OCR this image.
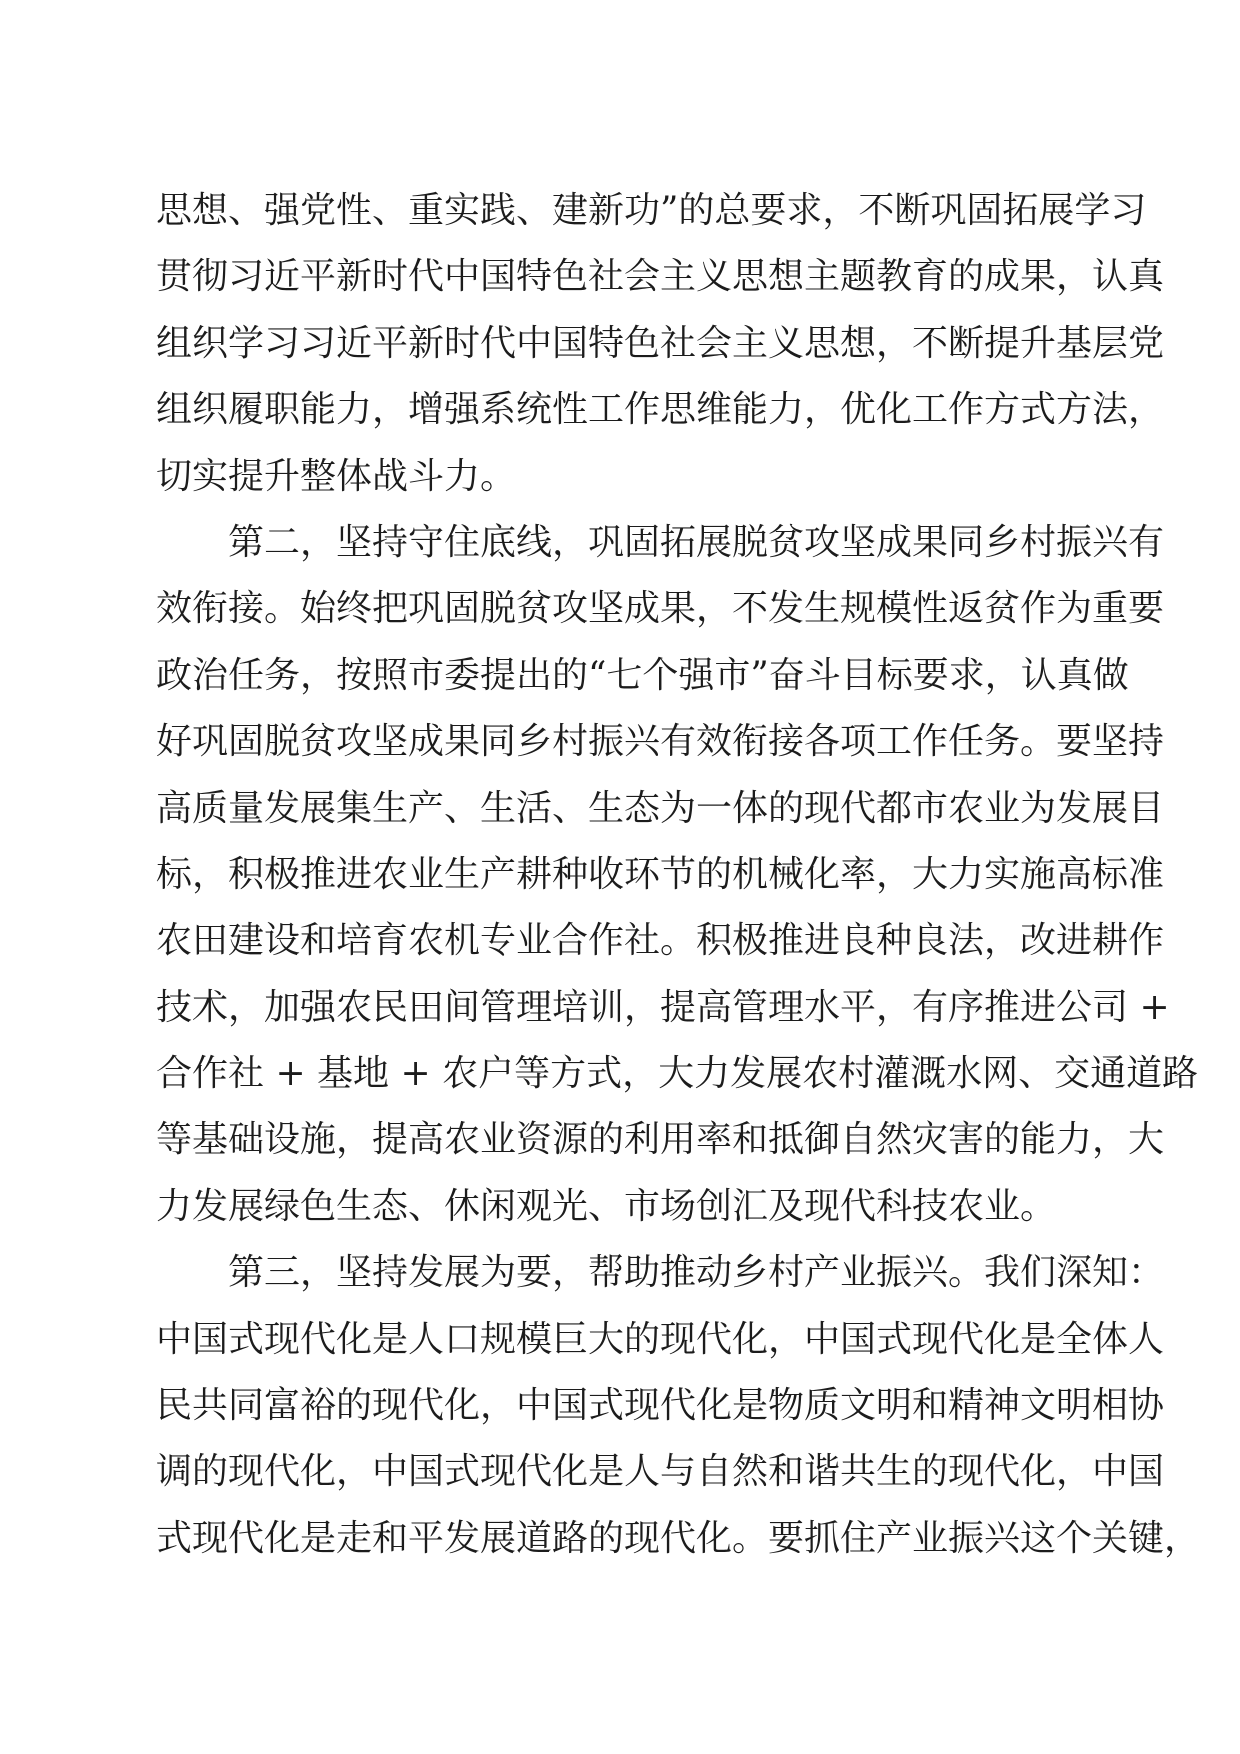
思想、强党性、重实践、建新功”的总要求，不断巩固拓展学习
贯彻习近平新时代中国特色社会主义思想主题教育的成果，认真
组织学习习近平新时代中国特色社会主义思想，不断提升基层党
组织履职能力，增强系统性工作思维能力，优化工作方式方法，
切实提升整体战斗力。
第二，坚持守住底线，巩固拓展脱贫攻坚成果同乡村振兴有
效衔接。始终把巩固脱贫攻坚成果，不发生规模性返贫作为重要
政治任务，按照市委提出的“七个强市”奋斗目标要求，认真做
好巩固脱贫攻坚成果同乡村振兴有效衔接各项工作任务。要坚持
高质量发展集生产、生活、生态为一体的现代都市农业为发展目
标，积极推进农业生产耕种收环节的机械化率，大力实施高标准
农田建设和培育农机专业合作社。积极推进良种良法，改进耕作
技术，加强农民田间管理培训，提高管理水平，有序推进公司 +
合作社 + 基地 + 农户等方式，大力发展农村灌溉水网、交通道路
等基础设施，提高农业资源的利用率和抵御自然灾害的能力，大
力发展绿色生态、休闲观光、市场创汇及现代科技农业。
第三，坚持发展为要，帮助推动乡村产业振兴。我们深知：
中国式现代化是人口规模巨大的现代化，中国式现代化是全体人
民共同富裕的现代化，中国式现代化是物质文明和精神文明相协
调的现代化，中国式现代化是人与自然和谐共生的现代化，中国
式现代化是走和平发展道路的现代化。要抓住产业振兴这个关键，
